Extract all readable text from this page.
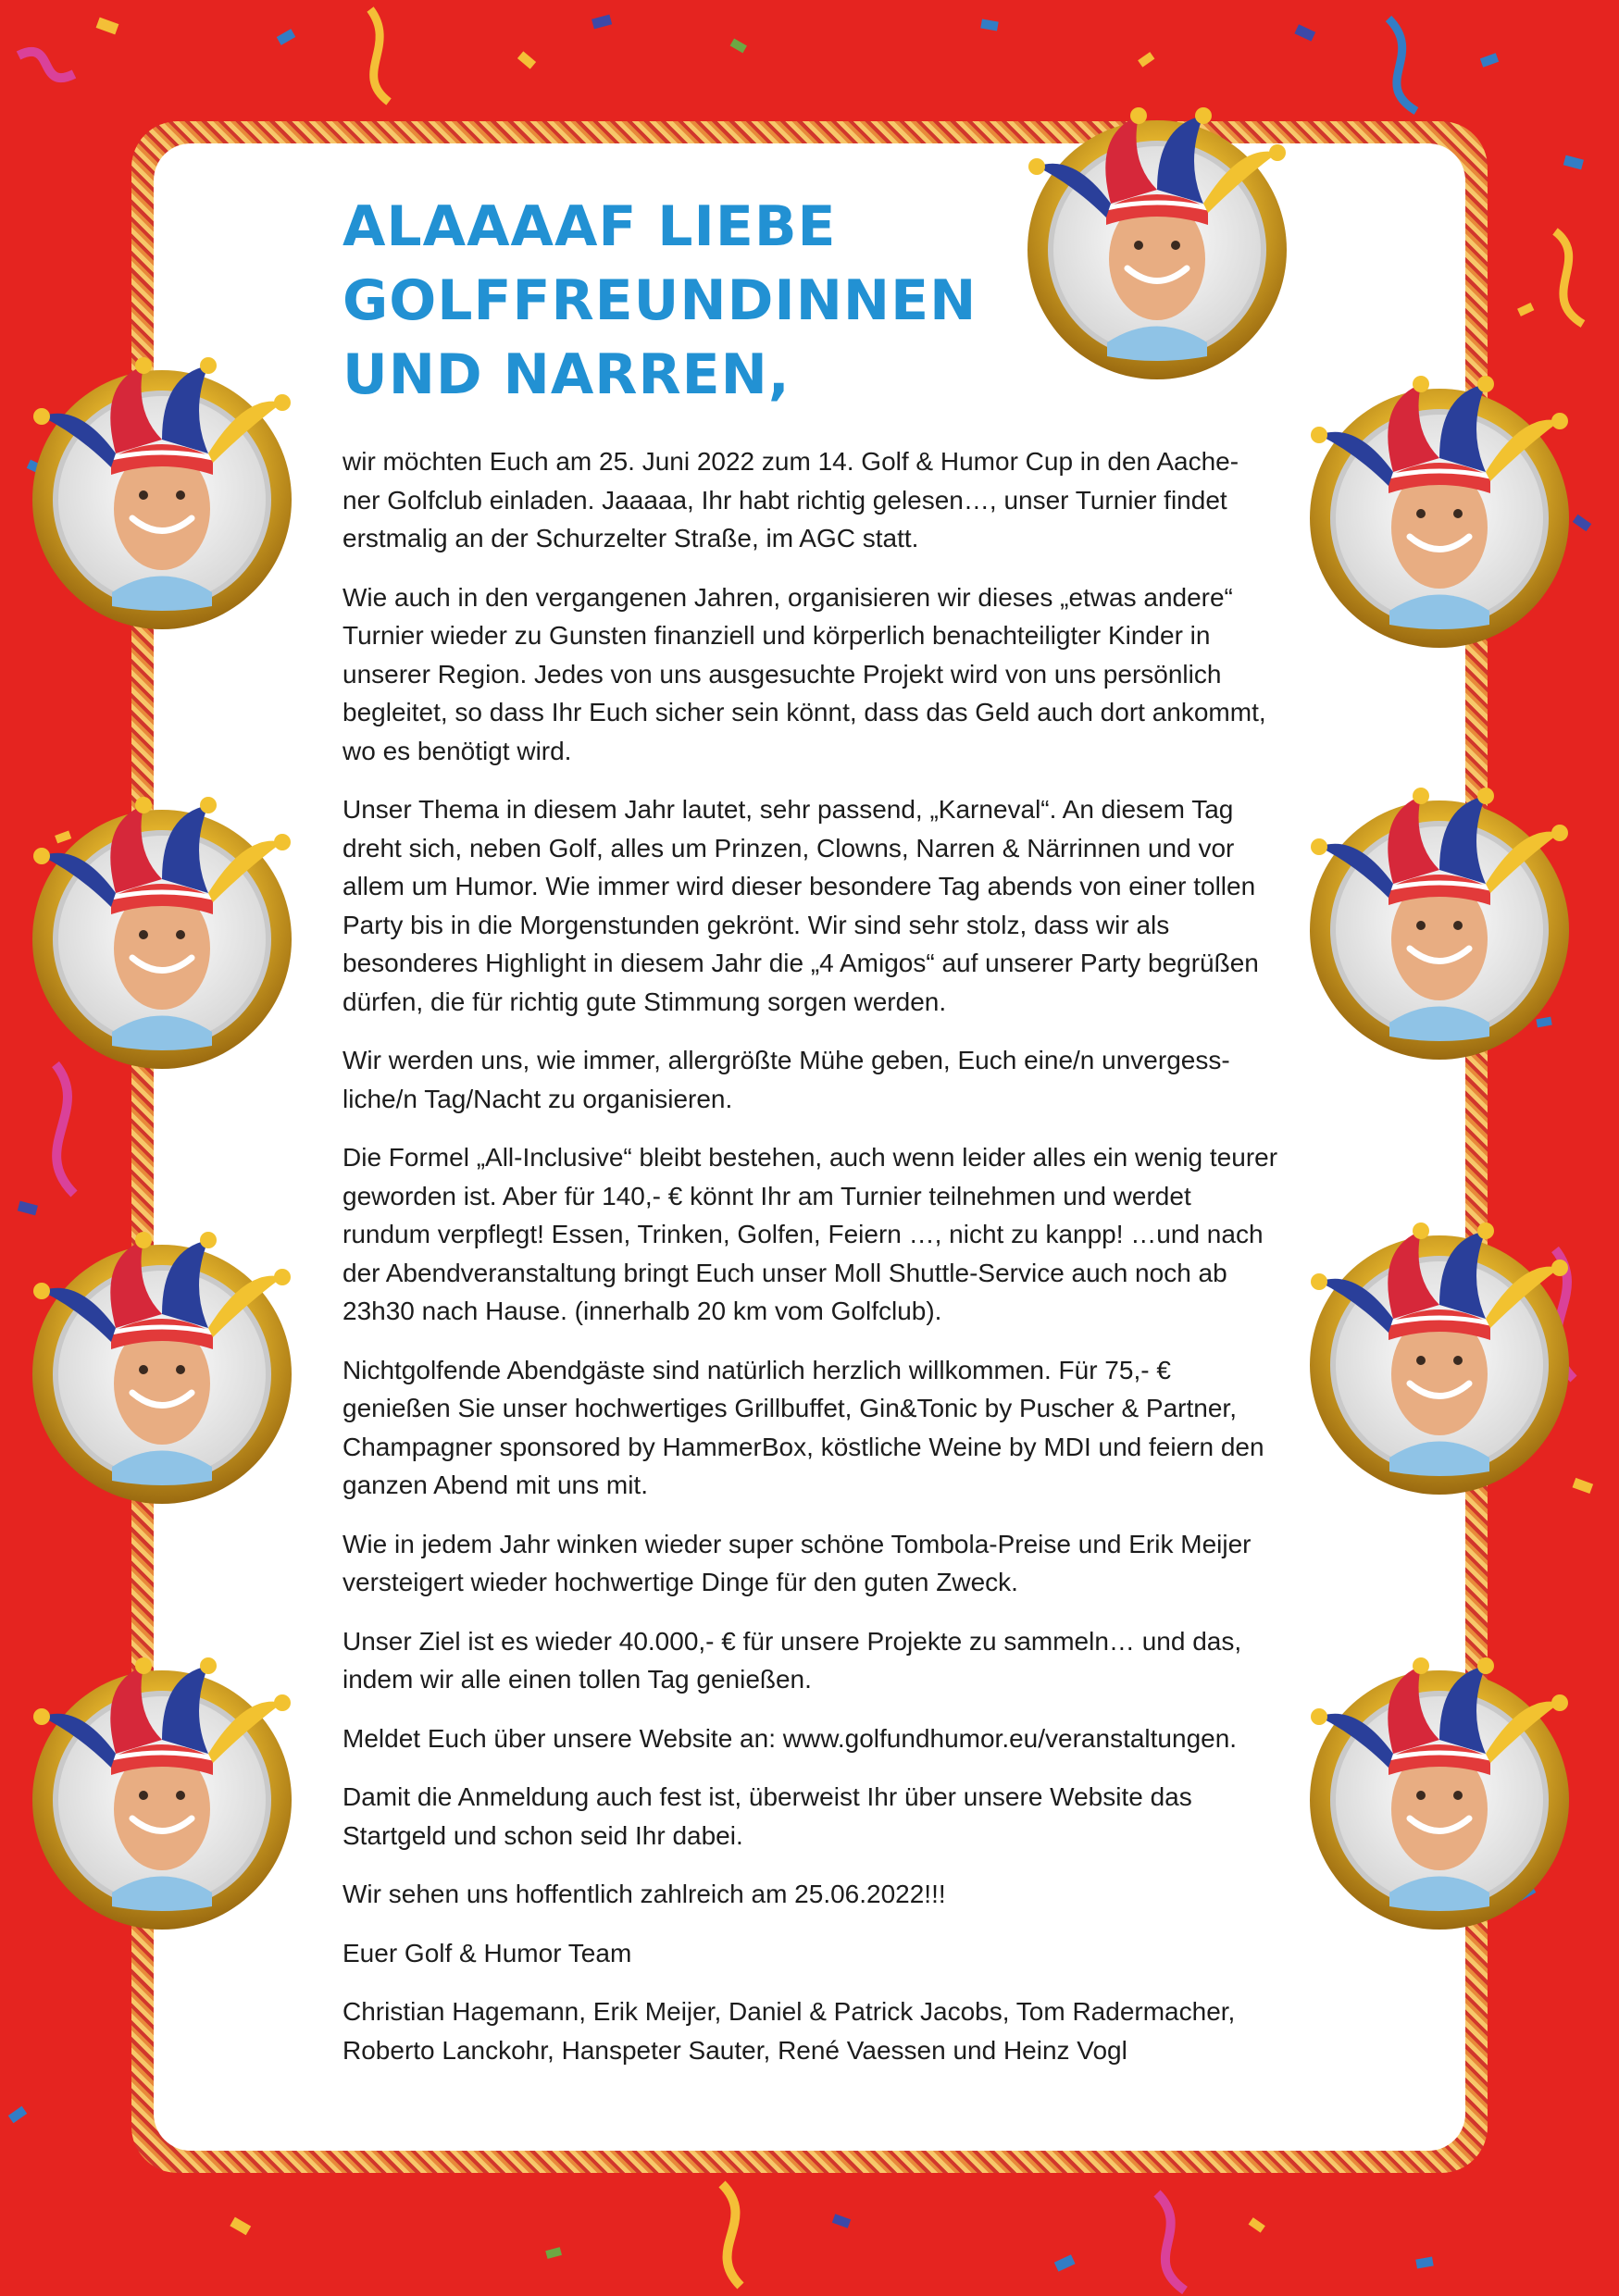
ALAAAAF LIEBE
GOLFFREUNDINNEN
UND NARREN,

wir möchten Euch am 25. Juni 2022 zum 14. Golf & Humor Cup in den Aache- ner Golfclub einladen. Jaaaaa, Ihr habt richtig gelesen…, unser Turnier findet erstmalig an der Schurzelter Straße, im AGC statt.

Wie auch in den vergangenen Jahren, organisieren wir dieses „etwas andere“ Turnier wieder zu Gunsten finanziell und körperlich benachteiligter Kinder in unserer Region. Jedes von uns ausgesuchte Projekt wird von uns persönlich begleitet, so dass Ihr Euch sicher sein könnt, dass das Geld auch dort ankommt, wo es benötigt wird.

Unser Thema in diesem Jahr lautet, sehr passend, „Karneval“. An diesem Tag dreht sich, neben Golf, alles um Prinzen, Clowns, Narren & Närrinnen und vor allem um Humor. Wie immer wird dieser besondere Tag abends von einer tollen Party bis in die Morgenstunden gekrönt. Wir sind sehr stolz, dass wir als besonderes Highlight in diesem Jahr die „4 Amigos“ auf unserer Party begrüßen dürfen, die für richtig gute Stimmung sorgen werden.

Wir werden uns, wie immer, allergrößte Mühe geben, Euch eine/n unvergess- liche/n Tag/Nacht zu organisieren.

Die Formel „All-Inclusive“ bleibt bestehen, auch wenn leider alles ein wenig teurer geworden ist. Aber für 140,- € könnt Ihr am Turnier teilnehmen und werdet rundum verpflegt! Essen, Trinken, Golfen, Feiern …, nicht zu kanpp! …und nach der Abendveranstaltung bringt Euch unser Moll Shuttle-Service auch noch ab 23h30 nach Hause. (innerhalb 20 km vom Golfclub).

Nichtgolfende Abendgäste sind natürlich herzlich willkommen. Für 75,- € genießen Sie unser hochwertiges Grillbuffet, Gin&Tonic by Puscher & Partner, Champagner sponsored by HammerBox, köstliche Weine by MDI und feiern den ganzen Abend mit uns mit.

Wie in jedem Jahr winken wieder super schöne Tombola-Preise und Erik Meijer versteigert wieder hochwertige Dinge für den guten Zweck.

Unser Ziel ist es wieder 40.000,- € für unsere Projekte zu sammeln… und das, indem wir alle einen tollen Tag genießen.

Meldet Euch über unsere Website an: www.golfundhumor.eu/veranstaltungen.

Damit die Anmeldung auch fest ist, überweist Ihr über unsere Website das Startgeld und schon seid Ihr dabei.

Wir sehen uns hoffentlich zahlreich am 25.06.2022!!!

Euer Golf & Humor Team

Christian Hagemann, Erik Meijer, Daniel & Patrick Jacobs, Tom Radermacher, Roberto Lanckohr, Hanspeter Sauter, René Vaessen und Heinz Vogl
